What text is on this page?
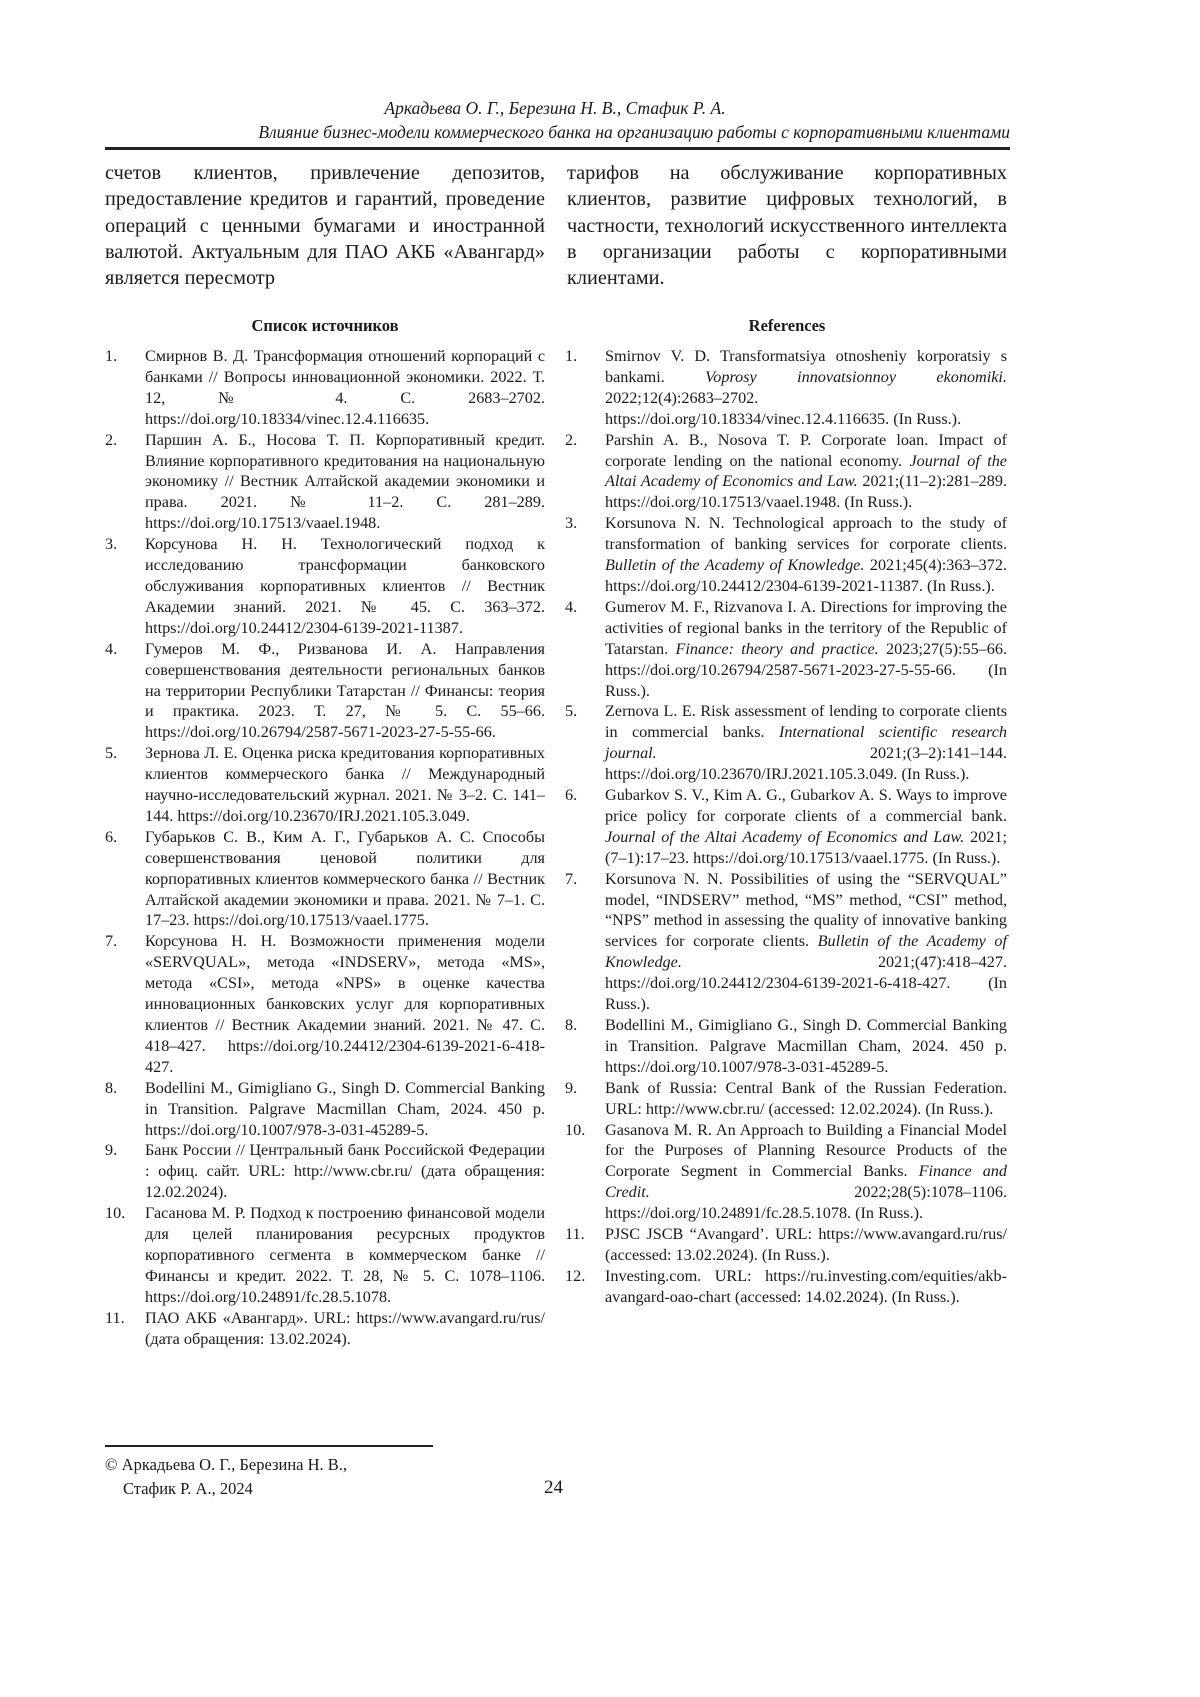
Аркадьева О. Г., Березина Н. В., Стафик Р. А.
Влияние бизнес-модели коммерческого банка на организацию работы с корпоративными клиентами
счетов клиентов, привлечение депозитов, предоставление кредитов и гарантий, проведение операций с ценными бумагами и иностранной валютой. Актуальным для ПАО АКБ «Авангард» является пересмотр
тарифов на обслуживание корпоративных клиентов, развитие цифровых технологий, в частности, технологий искусственного интеллекта в организации работы с корпоративными клиентами.
Список источников	References
1.	Смирнов В. Д. Трансформация отношений корпораций с банками // Вопросы инновационной экономики. 2022. Т. 12, № 4. С. 2683–2702. https://doi.org/10.18334/vinec.12.4.116635.
2.	Паршин А. Б., Носова Т. П. Корпоративный кредит. Влияние корпоративного кредитования на национальную экономику // Вестник Алтайской академии экономики и права. 2021. № 11–2. С. 281–289. https://doi.org/10.17513/vaael.1948.
3.	Корсунова Н. Н. Технологический подход к исследованию трансформации банковского обслуживания корпоративных клиентов // Вестник Академии знаний. 2021. № 45. С. 363–372. https://doi.org/10.24412/2304-6139-2021-11387.
4.	Гумеров М. Ф., Ризванова И. А. Направления совершенствования деятельности региональных банков на территории Республики Татарстан // Финансы: теория и практика. 2023. Т. 27, № 5. С. 55–66. https://doi.org/10.26794/2587-5671-2023-27-5-55-66.
5.	Зернова Л. Е. Оценка риска кредитования корпоративных клиентов коммерческого банка // Международный научно-исследовательский журнал. 2021. № 3–2. С. 141–144. https://doi.org/10.23670/IRJ.2021.105.3.049.
6.	Губарьков С. В., Ким А. Г., Губарьков А. С. Способы совершенствования ценовой политики для корпоративных клиентов коммерческого банка // Вестник Алтайской академии экономики и права. 2021. № 7–1. С. 17–23. https://doi.org/10.17513/vaael.1775.
7.	Корсунова Н. Н. Возможности применения модели «SERVQUAL», метода «INDSERV», метода «MS», метода «CSI», метода «NPS» в оценке качества инновационных банковских услуг для корпоративных клиентов // Вестник Академии знаний. 2021. № 47. С. 418–427. https://doi.org/10.24412/2304-6139-2021-6-418-427.
8.	Bodellini M., Gimigliano G., Singh D. Commercial Banking in Transition. Palgrave Macmillan Cham, 2024. 450 p. https://doi.org/10.1007/978-3-031-45289-5.
9.	Банк России // Центральный банк Российской Федерации : офиц. сайт. URL: http://www.cbr.ru/ (дата обращения: 12.02.2024).
10.	Гасанова М. Р. Подход к построению финансовой модели для целей планирования ресурсных продуктов корпоративного сегмента в коммерческом банке // Финансы и кредит. 2022. Т. 28, № 5. С. 1078–1106. https://doi.org/10.24891/fc.28.5.1078.
11.	ПАО АКБ «Авангард». URL: https://www.avangard.ru/rus/ (дата обращения: 13.02.2024).
1.	Smirnov V. D. Transformatsiya otnosheniy korporatsiy s bankami. Voprosy innovatsionnoy ekonomiki. 2022;12(4):2683–2702. https://doi.org/10.18334/vinec.12.4.116635. (In Russ.).
2.	Parshin A. B., Nosova T. P. Corporate loan. Impact of corporate lending on the national economy. Journal of the Altai Academy of Economics and Law. 2021;(11–2):281–289. https://doi.org/10.17513/vaael.1948. (In Russ.).
3.	Korsunova N. N. Technological approach to the study of transformation of banking services for corporate clients. Bulletin of the Academy of Knowledge. 2021;45(4):363–372. https://doi.org/10.24412/2304-6139-2021-11387. (In Russ.).
4.	Gumerov M. F., Rizvanova I. A. Directions for improving the activities of regional banks in the territory of the Republic of Tatarstan. Finance: theory and practice. 2023;27(5):55–66. https://doi.org/10.26794/2587-5671-2023-27-5-55-66. (In Russ.).
5.	Zernova L. E. Risk assessment of lending to corporate clients in commercial banks. International scientific research journal. 2021;(3–2):141–144. https://doi.org/10.23670/IRJ.2021.105.3.049. (In Russ.).
6.	Gubarkov S. V., Kim A. G., Gubarkov A. S. Ways to improve price policy for corporate clients of a commercial bank. Journal of the Altai Academy of Economics and Law. 2021;(7–1):17–23. https://doi.org/10.17513/vaael.1775. (In Russ.).
7.	Korsunova N. N. Possibilities of using the “SERVQUAL” model, “INDSERV” method, “MS” method, “CSI” method, “NPS” method in assessing the quality of innovative banking services for corporate clients. Bulletin of the Academy of Knowledge. 2021;(47):418–427. https://doi.org/10.24412/2304-6139-2021-6-418-427. (In Russ.).
8.	Bodellini M., Gimigliano G., Singh D. Commercial Banking in Transition. Palgrave Macmillan Cham, 2024. 450 p. https://doi.org/10.1007/978-3-031-45289-5.
9.	Bank of Russia: Central Bank of the Russian Federation. URL: http://www.cbr.ru/ (accessed: 12.02.2024). (In Russ.).
10.	Gasanova M. R. An Approach to Building a Financial Model for the Purposes of Planning Resource Products of the Corporate Segment in Commercial Banks. Finance and Credit. 2022;28(5):1078–1106. https://doi.org/10.24891/fc.28.5.1078. (In Russ.).
11.	PJSC JSCB “Avangard’. URL: https://www.avangard.ru/rus/ (accessed: 13.02.2024). (In Russ.).
12.	Investing.com. URL: https://ru.investing.com/equities/akb-avangard-oao-chart (accessed: 14.02.2024). (In Russ.).
© Аркадьева О. Г., Березина Н. В.,
Стафик Р. А., 2024	24
